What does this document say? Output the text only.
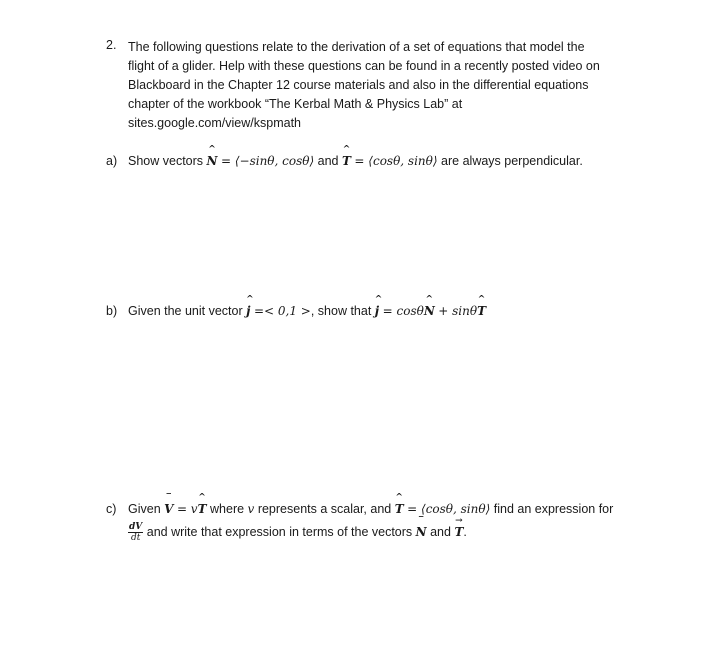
2. The following questions relate to the derivation of a set of equations that model the
flight of a glider. Help with these questions can be found in a recently posted video on
Blackboard in the Chapter 12 course materials and also in the differential equations
chapter of the workbook “The Kerbal Math & Physics Lab” at
sites.google.com/view/kspmath
a) Show vectors
^
N = ⟨−sinθ, cosθ⟩ and
^
T = ⟨cosθ, sinθ⟩ are always perpendicular.
b) Given the unit vector
^
j =< 0,1 >, show that
^
j = cosθ
^
N + sinθ
^
T
c) Given
‾
V = v
^
T where v represents a scalar, and
^
T = ⟨cosθ, sinθ⟩ find an expression for
$\frac{dV}{dt}$ and write that expression in terms of the vectors
‾
N and
→
T.
